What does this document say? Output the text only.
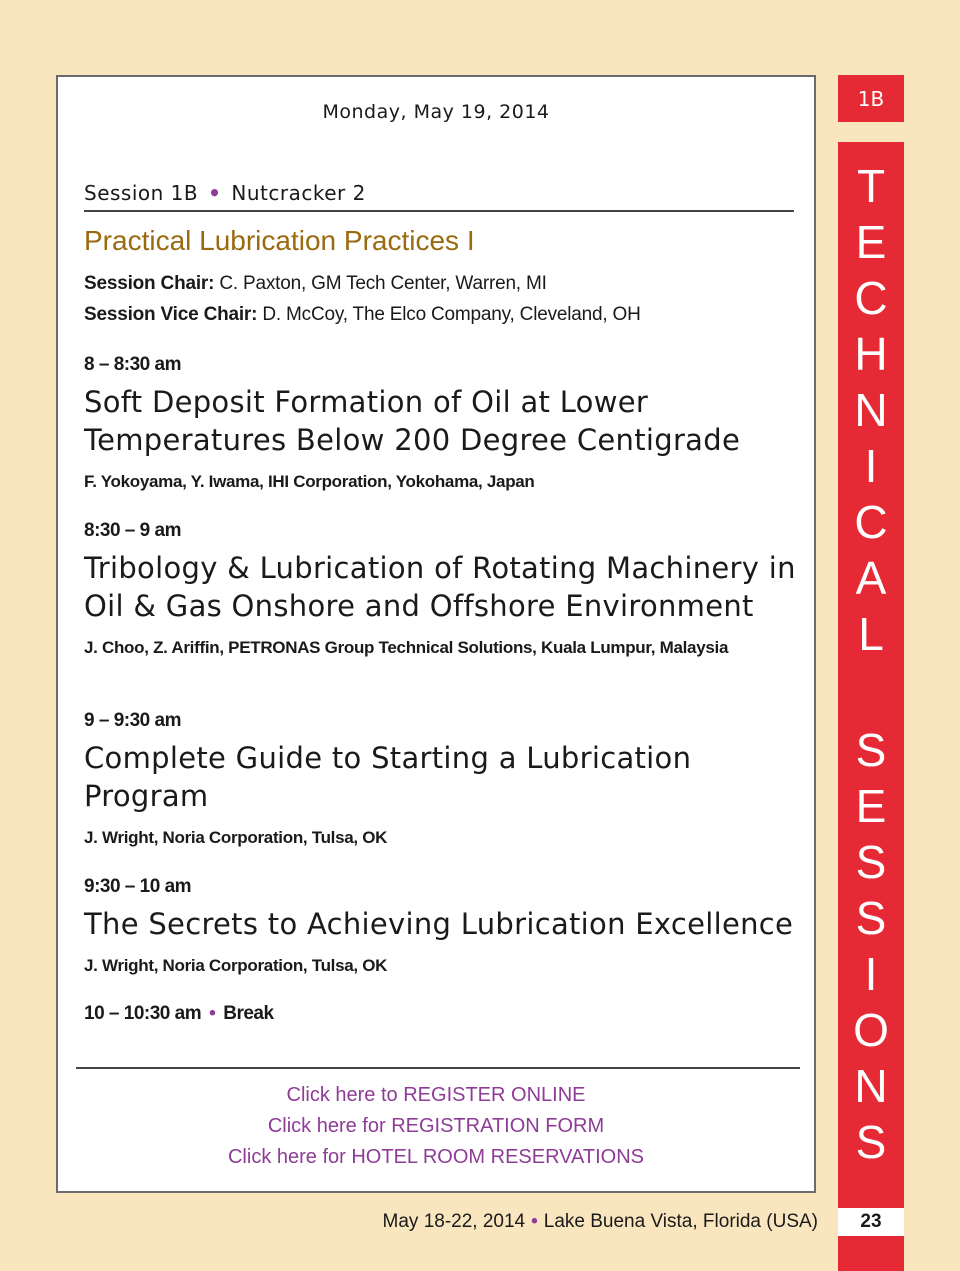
Monday, May 19, 2014
Session 1B • Nutcracker 2
Practical Lubrication Practices I
Session Chair: C. Paxton, GM Tech Center, Warren, MI
Session Vice Chair: D. McCoy, The Elco Company, Cleveland, OH
8 – 8:30 am
Soft Deposit Formation of Oil at Lower Temperatures Below 200 Degree Centigrade
F. Yokoyama, Y. Iwama, IHI Corporation, Yokohama, Japan
8:30 – 9 am
Tribology & Lubrication of Rotating Machinery in Oil & Gas Onshore and Offshore Environment
J. Choo, Z. Ariffin, PETRONAS Group Technical Solutions, Kuala Lumpur, Malaysia
9 – 9:30 am
Complete Guide to Starting a Lubrication Program
J. Wright, Noria Corporation, Tulsa, OK
9:30 – 10 am
The Secrets to Achieving Lubrication Excellence
J. Wright, Noria Corporation, Tulsa, OK
10 – 10:30 am • Break
Click here to REGISTER ONLINE
Click here for REGISTRATION FORM
Click here for HOTEL ROOM RESERVATIONS
1B
T
E
C
H
N
I
C
A
L
S
E
S
S
I
O
N
S
May 18-22, 2014 • Lake Buena Vista, Florida (USA)	23
